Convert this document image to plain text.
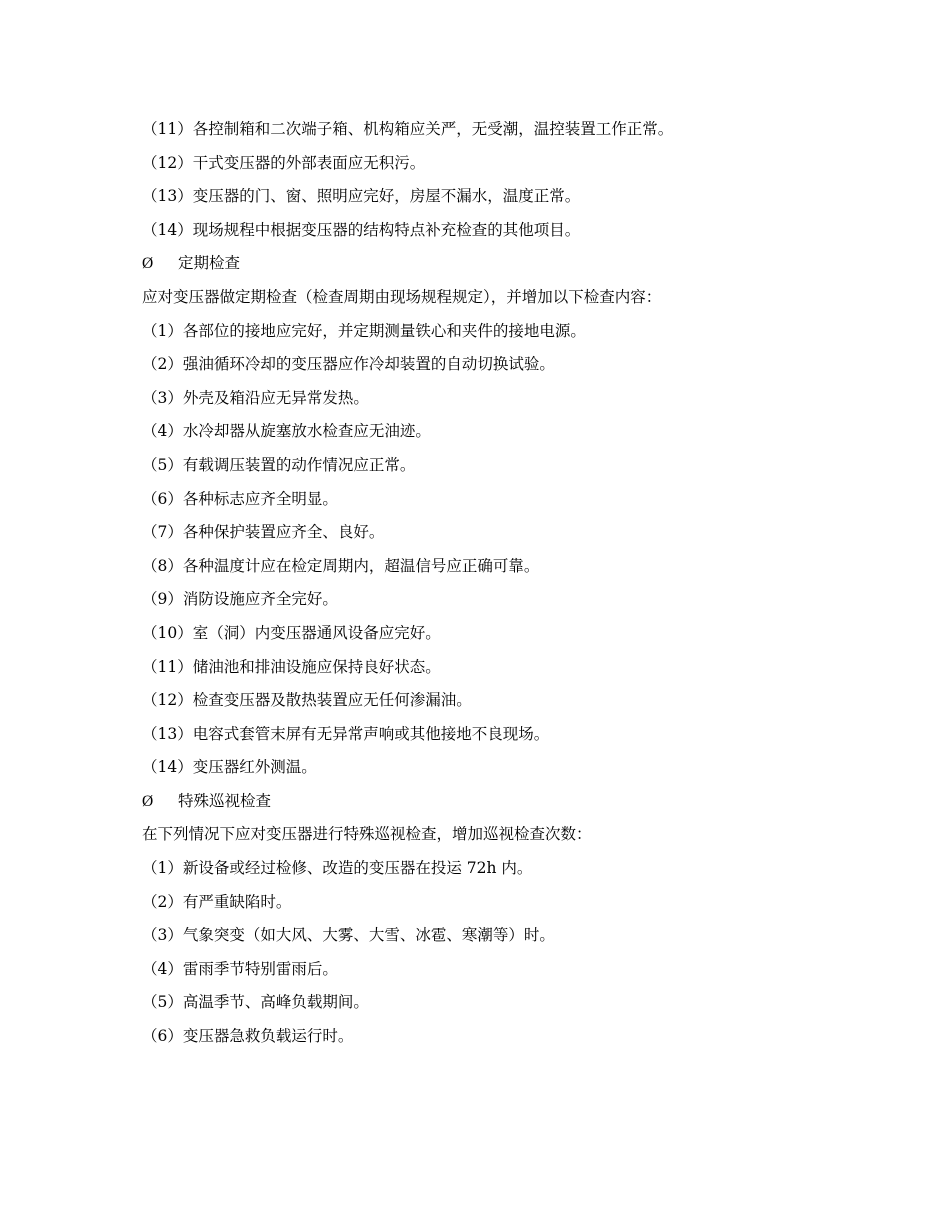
（11）各控制箱和二次端子箱、机构箱应关严，无受潮，温控装置工作正常。
（12）干式变压器的外部表面应无积污。
（13）变压器的门、窗、照明应完好，房屋不漏水，温度正常。
（14）现场规程中根据变压器的结构特点补充检查的其他项目。
Ø	定期检查
应对变压器做定期检查（检查周期由现场规程规定），并增加以下检查内容：
（1）各部位的接地应完好，并定期测量铁心和夹件的接地电源。
（2）强油循环冷却的变压器应作冷却装置的自动切换试验。
（3）外壳及箱沿应无异常发热。
（4）水冷却器从旋塞放水检查应无油迹。
（5）有载调压装置的动作情况应正常。
（6）各种标志应齐全明显。
（7）各种保护装置应齐全、良好。
（8）各种温度计应在检定周期内，超温信号应正确可靠。
（9）消防设施应齐全完好。
（10）室（洞）内变压器通风设备应完好。
（11）储油池和排油设施应保持良好状态。
（12）检查变压器及散热装置应无任何渗漏油。
（13）电容式套管末屏有无异常声响或其他接地不良现场。
（14）变压器红外测温。
Ø	特殊巡视检查
在下列情况下应对变压器进行特殊巡视检查，增加巡视检查次数：
（1）新设备或经过检修、改造的变压器在投运 72h 内。
（2）有严重缺陷时。
（3）气象突变（如大风、大雾、大雪、冰雹、寒潮等）时。
（4）雷雨季节特别雷雨后。
（5）高温季节、高峰负载期间。
（6）变压器急救负载运行时。
